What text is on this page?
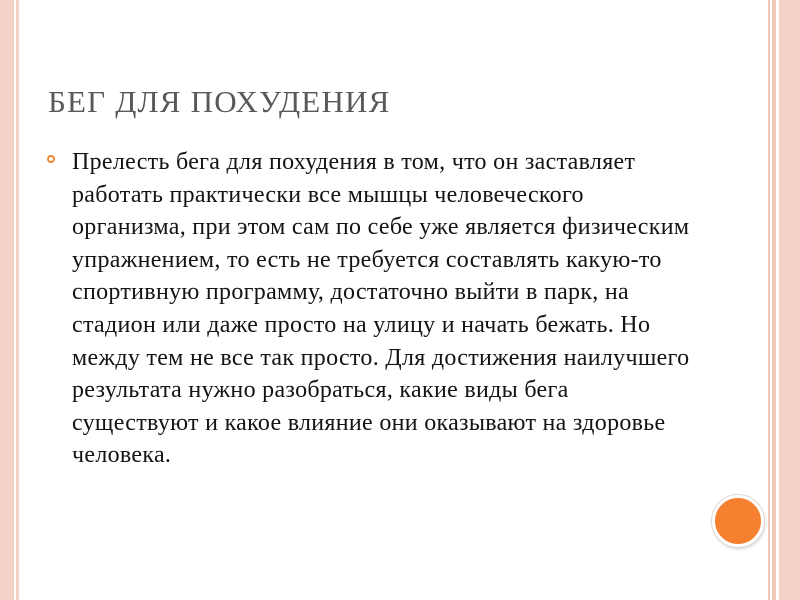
БЕГ ДЛЯ ПОХУДЕНИЯ
Прелесть бега для похудения в том, что он заставляет работать практически все мышцы человеческого организма, при этом сам по себе уже является физическим упражнением, то есть не требуется составлять какую-то спортивную программу, достаточно выйти в парк, на стадион или даже просто на улицу и начать бежать. Но между тем не все так просто. Для достижения наилучшего результата нужно разобраться, какие виды бега существуют и какое влияние они оказывают на здоровье человека.
